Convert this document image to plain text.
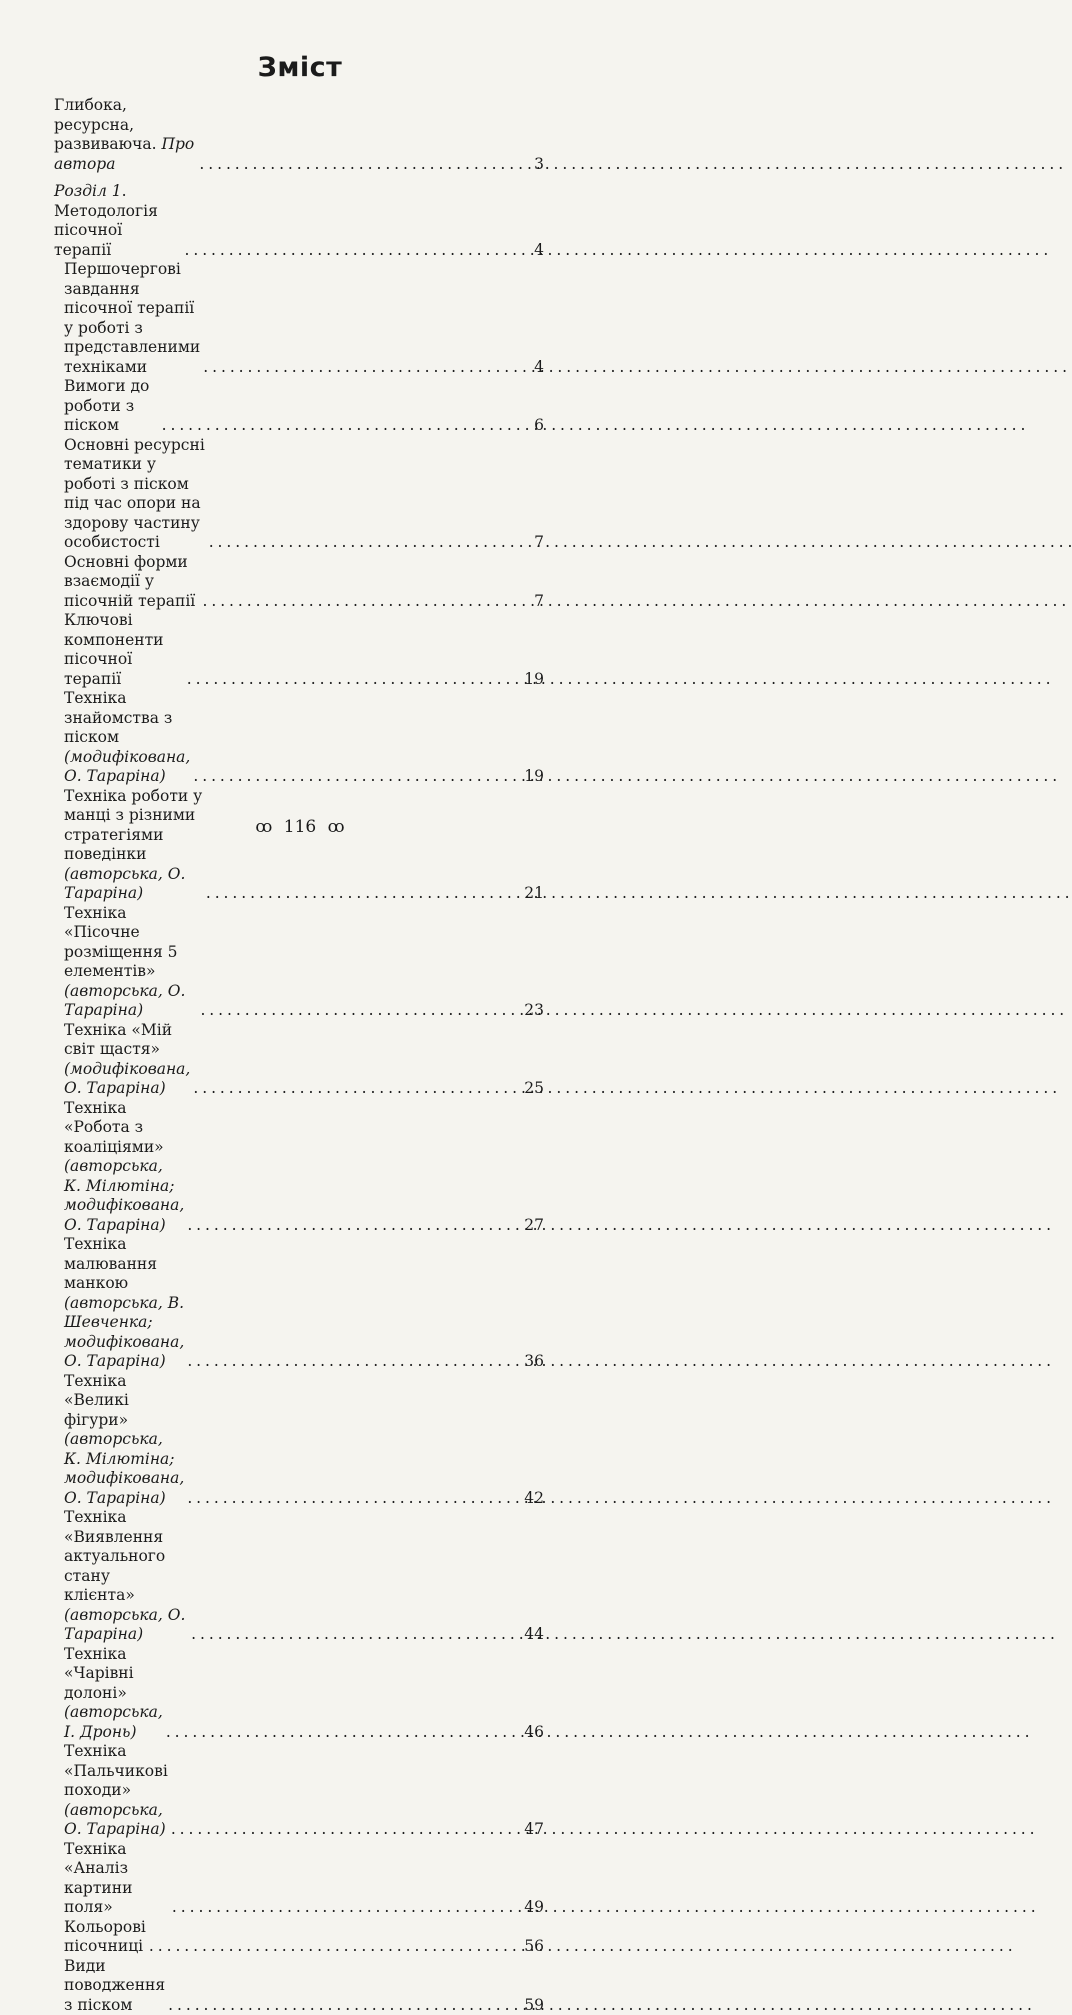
Зміст
Глибока, ресурсна, развиваюча. Про автора . . .	3
Розділ 1. Методологія пісочної терапії . . .	4
Першочергові завдання пісочної терапії
у роботі з представленими техніками . . .	4
Вимоги до роботи з піском . . .	6
Основні ресурсні тематики у роботі з піском
під час опори на здорову частину особистості . . .	7
Основні форми взаємодії у пісочній терапії . . .	7
Ключові компоненти пісочної терапії . . .	19
Техніка знайомства з піском
(модифікована, О. Тараріна) . . .	19
Техніка роботи у манці з різними стратегіями
поведінки (авторська, О. Тараріна) . . .	21
Техніка «Пісочне розміщення 5 елементів»
(авторська, О. Тараріна) . . .	23
Техніка «Мій світ щастя»
(модифікована, О. Тараріна) . . .	25
Техніка «Робота з коаліціями»
(авторська, К. Мілютіна;
модифікована, О. Тараріна) . . .	27
Техніка малювання манкою
(авторська, В. Шевченка;
модифікована, О. Тараріна) . . .	36
Техніка «Великі фігури»
(авторська, К. Мілютіна;
модифікована, О. Тараріна) . . .	42
Техніка «Виявлення актуального стану
клієнта» (авторська, О. Тараріна) . . .	44
Техніка «Чарівні долоні»
(авторська, І. Дронь) . . .	46
Техніка «Пальчикові походи»
(авторська, О. Тараріна) . . .	47
Техніка «Аналіз картини поля» . . .	49
Кольорові пісочниці . . .	56
Види поводження з піском . . .	59
ꝏ 116 ꝏ
